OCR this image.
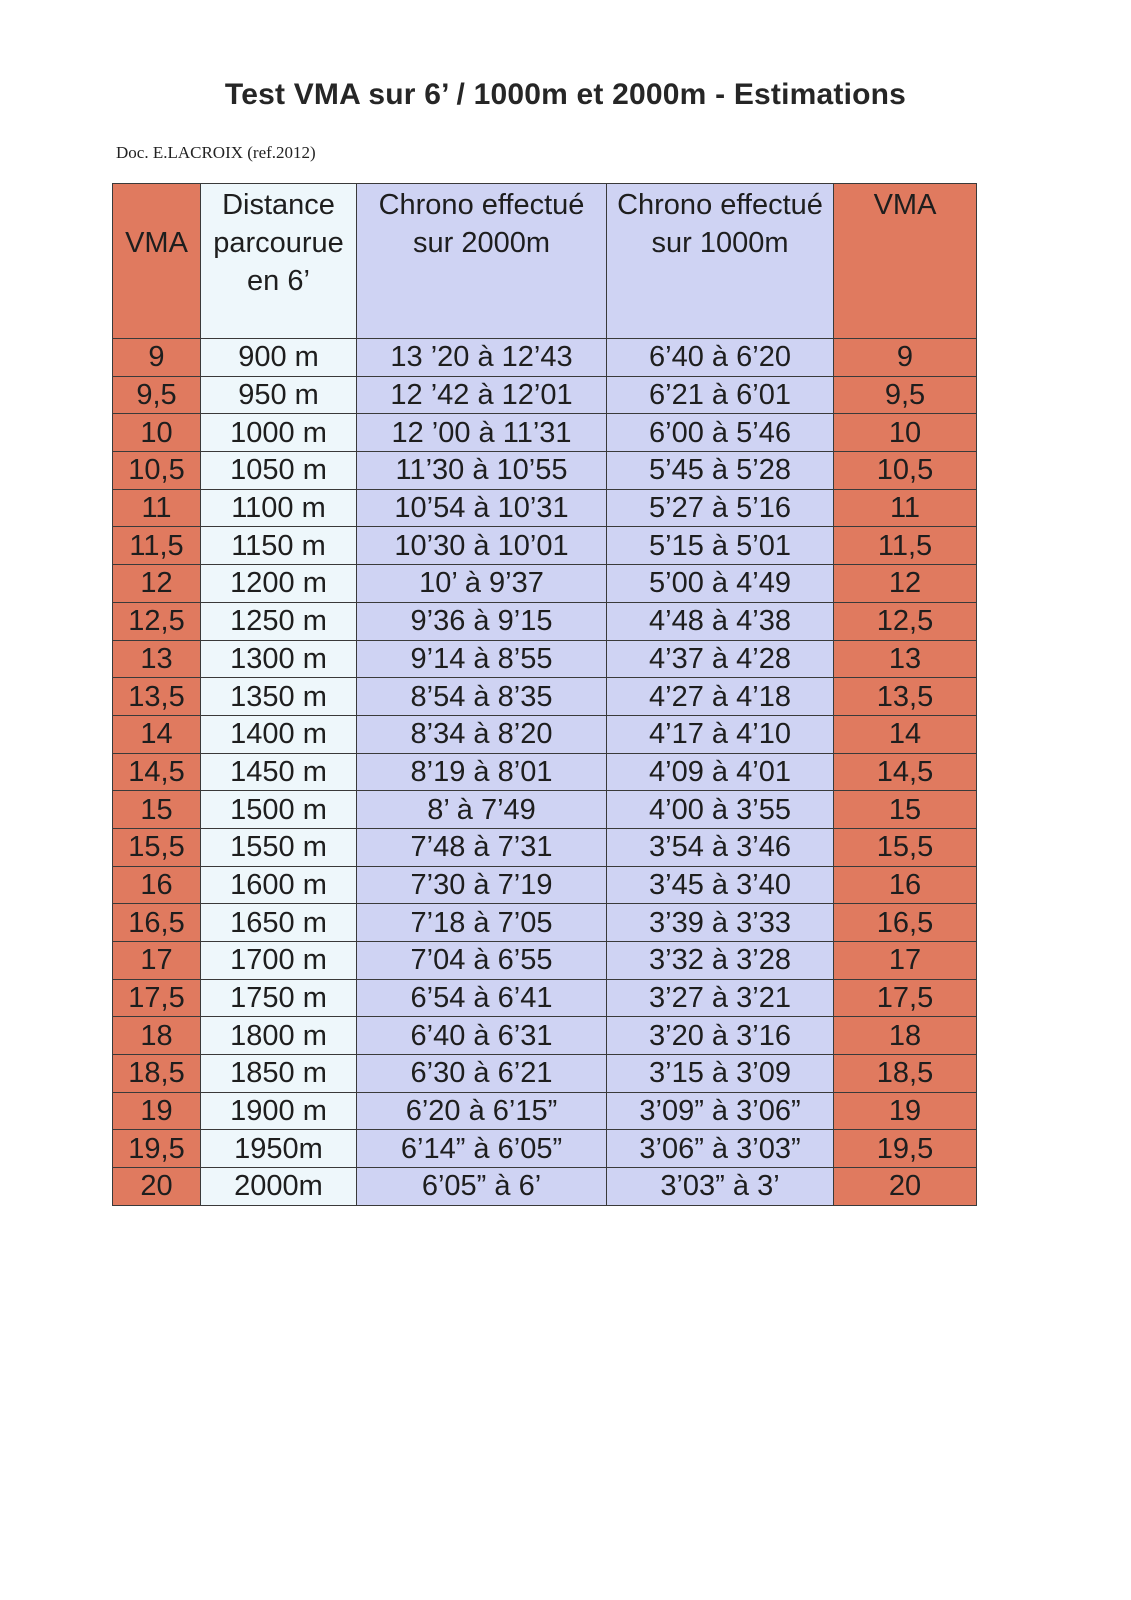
Test VMA sur 6’ / 1000m et 2000m - Estimations
Doc. E.LACROIX (ref.2012)
VMA	Distance parcourue en 6’	Chrono effectué sur 2000m	Chrono effectué sur 1000m	VMA

9	900 m	13 ’20 à 12’43	6’40 à 6’20	9
9,5	950 m	12 ’42 à 12’01	6’21 à 6’01	9,5
10	1000 m	12 ’00 à 11’31	6’00 à 5’46	10
10,5	1050 m	11’30 à 10’55	5’45 à 5’28	10,5
11	1100 m	10’54 à 10’31	5’27 à 5’16	11
11,5	1150 m	10’30 à 10’01	5’15 à 5’01	11,5
12	1200 m	10’ à 9’37	5’00 à 4’49	12
12,5	1250 m	9’36 à 9’15	4’48 à 4’38	12,5
13	1300 m	9’14 à 8’55	4’37 à 4’28	13
13,5	1350 m	8’54 à 8’35	4’27 à 4’18	13,5
14	1400 m	8’34 à 8’20	4’17 à 4’10	14
14,5	1450 m	8’19 à 8’01	4’09 à 4’01	14,5
15	1500 m	8’ à 7’49	4’00 à 3’55	15
15,5	1550 m	7’48 à 7’31	3’54 à 3’46	15,5
16	1600 m	7’30 à 7’19	3’45 à 3’40	16
16,5	1650 m	7’18 à 7’05	3’39 à 3’33	16,5
17	1700 m	7’04 à 6’55	3’32 à 3’28	17
17,5	1750 m	6’54 à 6’41	3’27 à 3’21	17,5
18	1800 m	6’40 à 6’31	3’20 à 3’16	18
18,5	1850 m	6’30 à 6’21	3’15 à 3’09	18,5
19	1900 m	6’20 à 6’15”	3’09” à 3’06”	19
19,5	1950m	6’14” à 6’05”	3’06” à 3’03”	19,5
20	2000m	6’05” à 6’	3’03” à 3’	20
